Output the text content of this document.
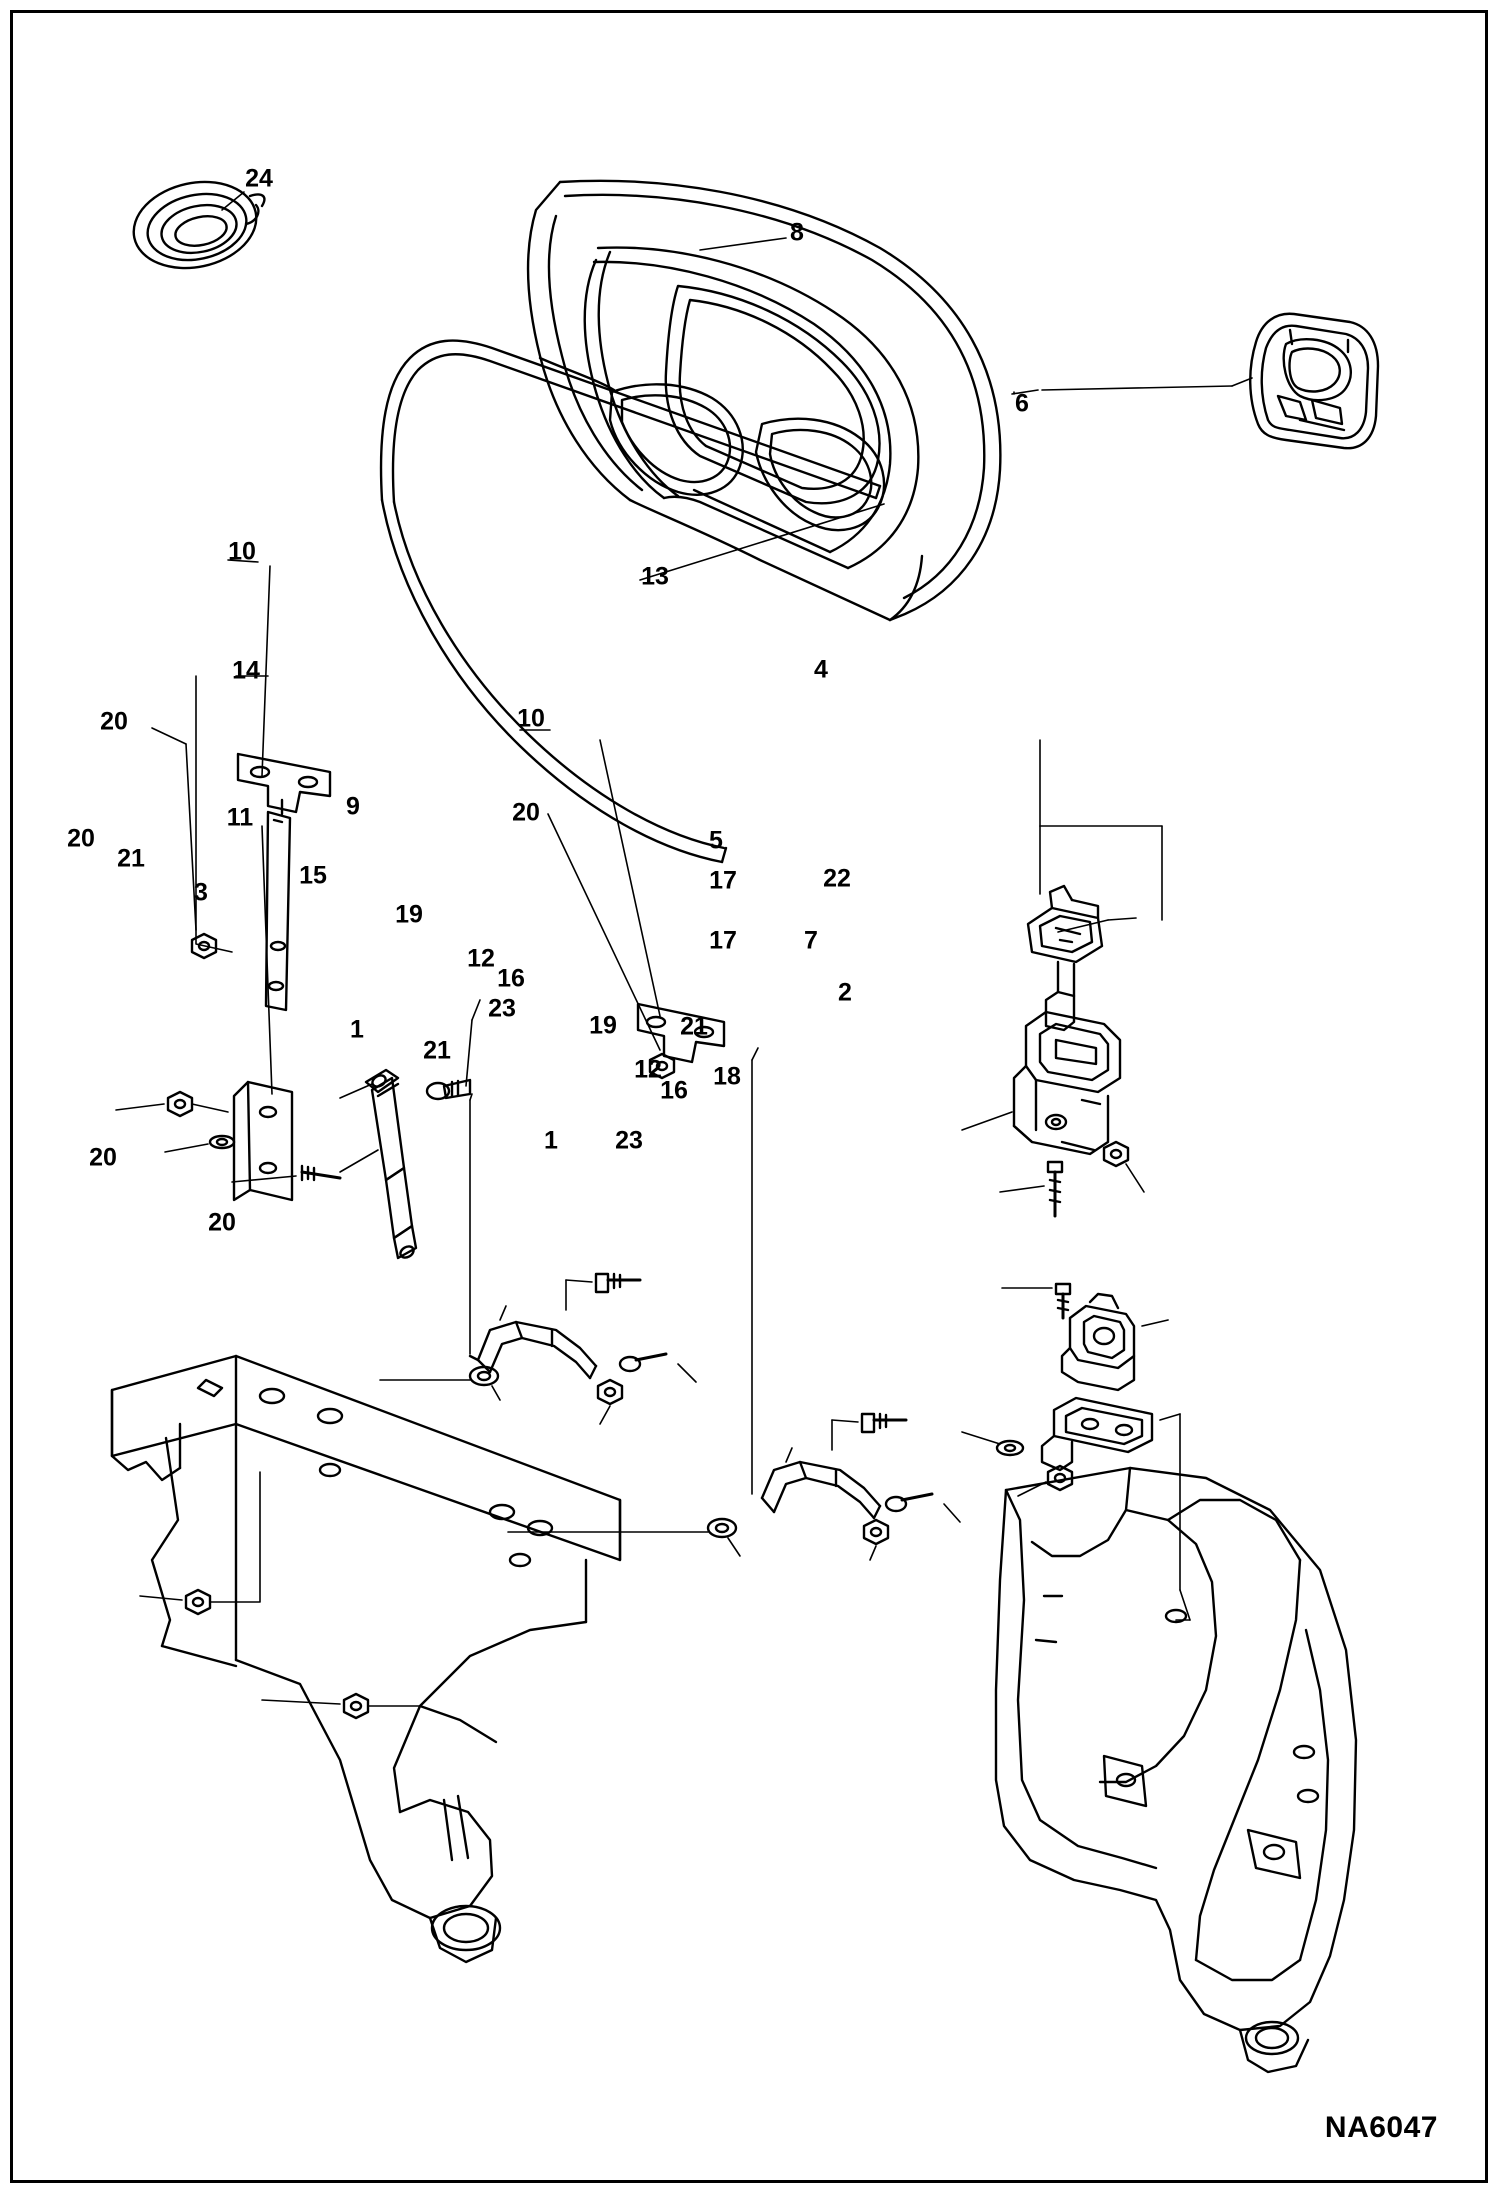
24
8
6
10
13
14	4
20	10
20
9
11
20	5
21
15
3	17	22
19
17	7
12
16	2
23
21
1
21
19
18
12
16
23
1
20
20
NA6047
